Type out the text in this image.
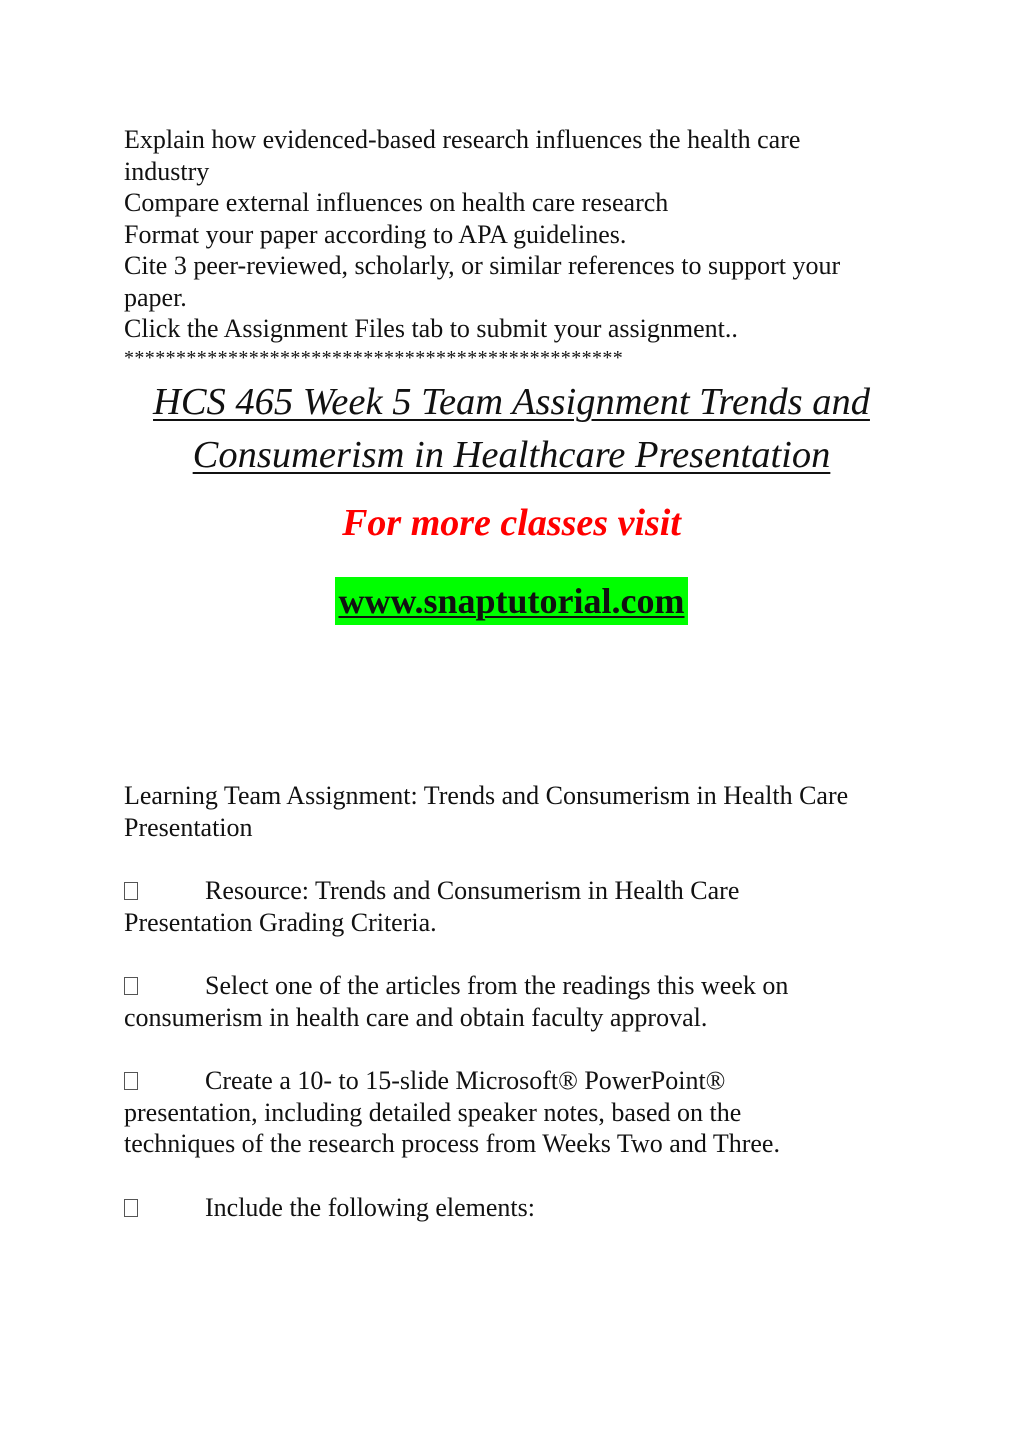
Explain how evidenced-based research influences the health care
industry
Compare external influences on health care research
Format your paper according to APA guidelines.
Cite 3 peer-reviewed, scholarly, or similar references to support your
paper.
Click the Assignment Files tab to submit your assignment..
************************************************
HCS 465 Week 5 Team Assignment Trends and
Consumerism in Healthcare Presentation
For more classes visit
www.snaptutorial.com
Learning Team Assignment: Trends and Consumerism in Health Care
Presentation
Resource: Trends and Consumerism in Health Care
Presentation Grading Criteria.
Select one of the articles from the readings this week on
consumerism in health care and obtain faculty approval.
Create a 10- to 15-slide Microsoft® PowerPoint®
presentation, including detailed speaker notes, based on the
techniques of the research process from Weeks Two and Three.
Include the following elements:
